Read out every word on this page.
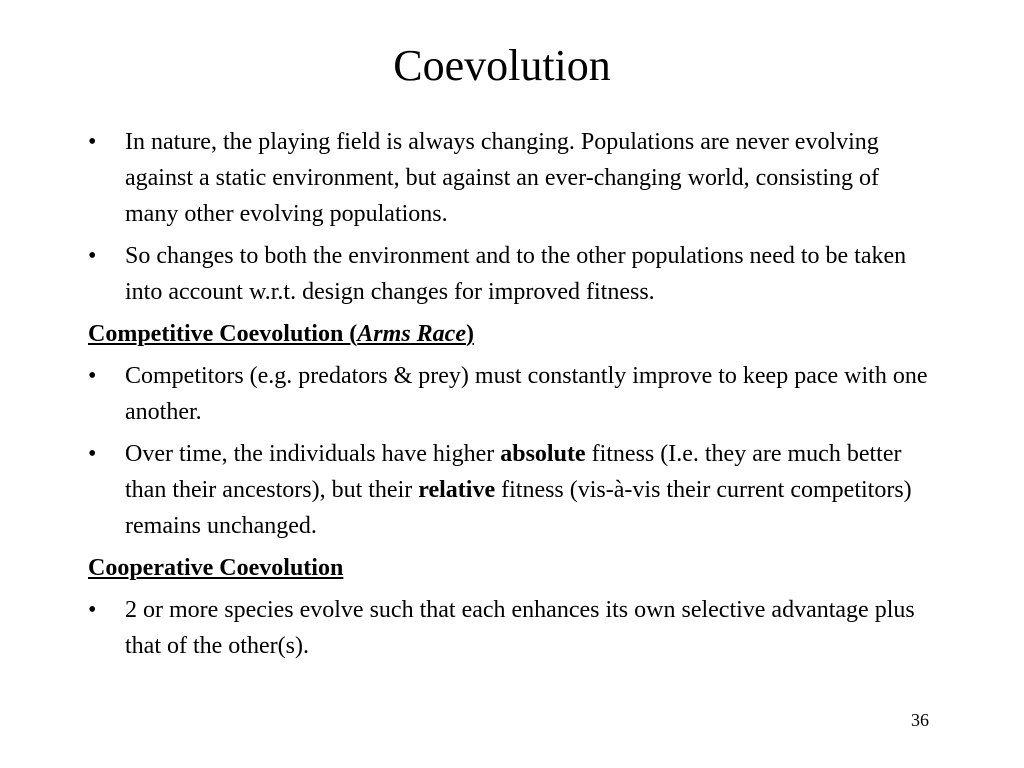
Coevolution
• In nature, the playing field is always changing. Populations are never evolving against a static environment, but against an ever-changing world, consisting of many other evolving populations.
• So changes to both the environment and to the other populations need to be taken into account w.r.t. design changes for improved fitness.
Competitive Coevolution (Arms Race)
• Competitors (e.g. predators & prey) must constantly improve to keep pace with one another.
• Over time, the individuals have higher absolute fitness (I.e. they are much better than their ancestors), but their relative fitness (vis-à-vis their current competitors) remains unchanged.
Cooperative Coevolution
• 2 or more species evolve such that each enhances its own selective advantage plus that of the other(s).
36
